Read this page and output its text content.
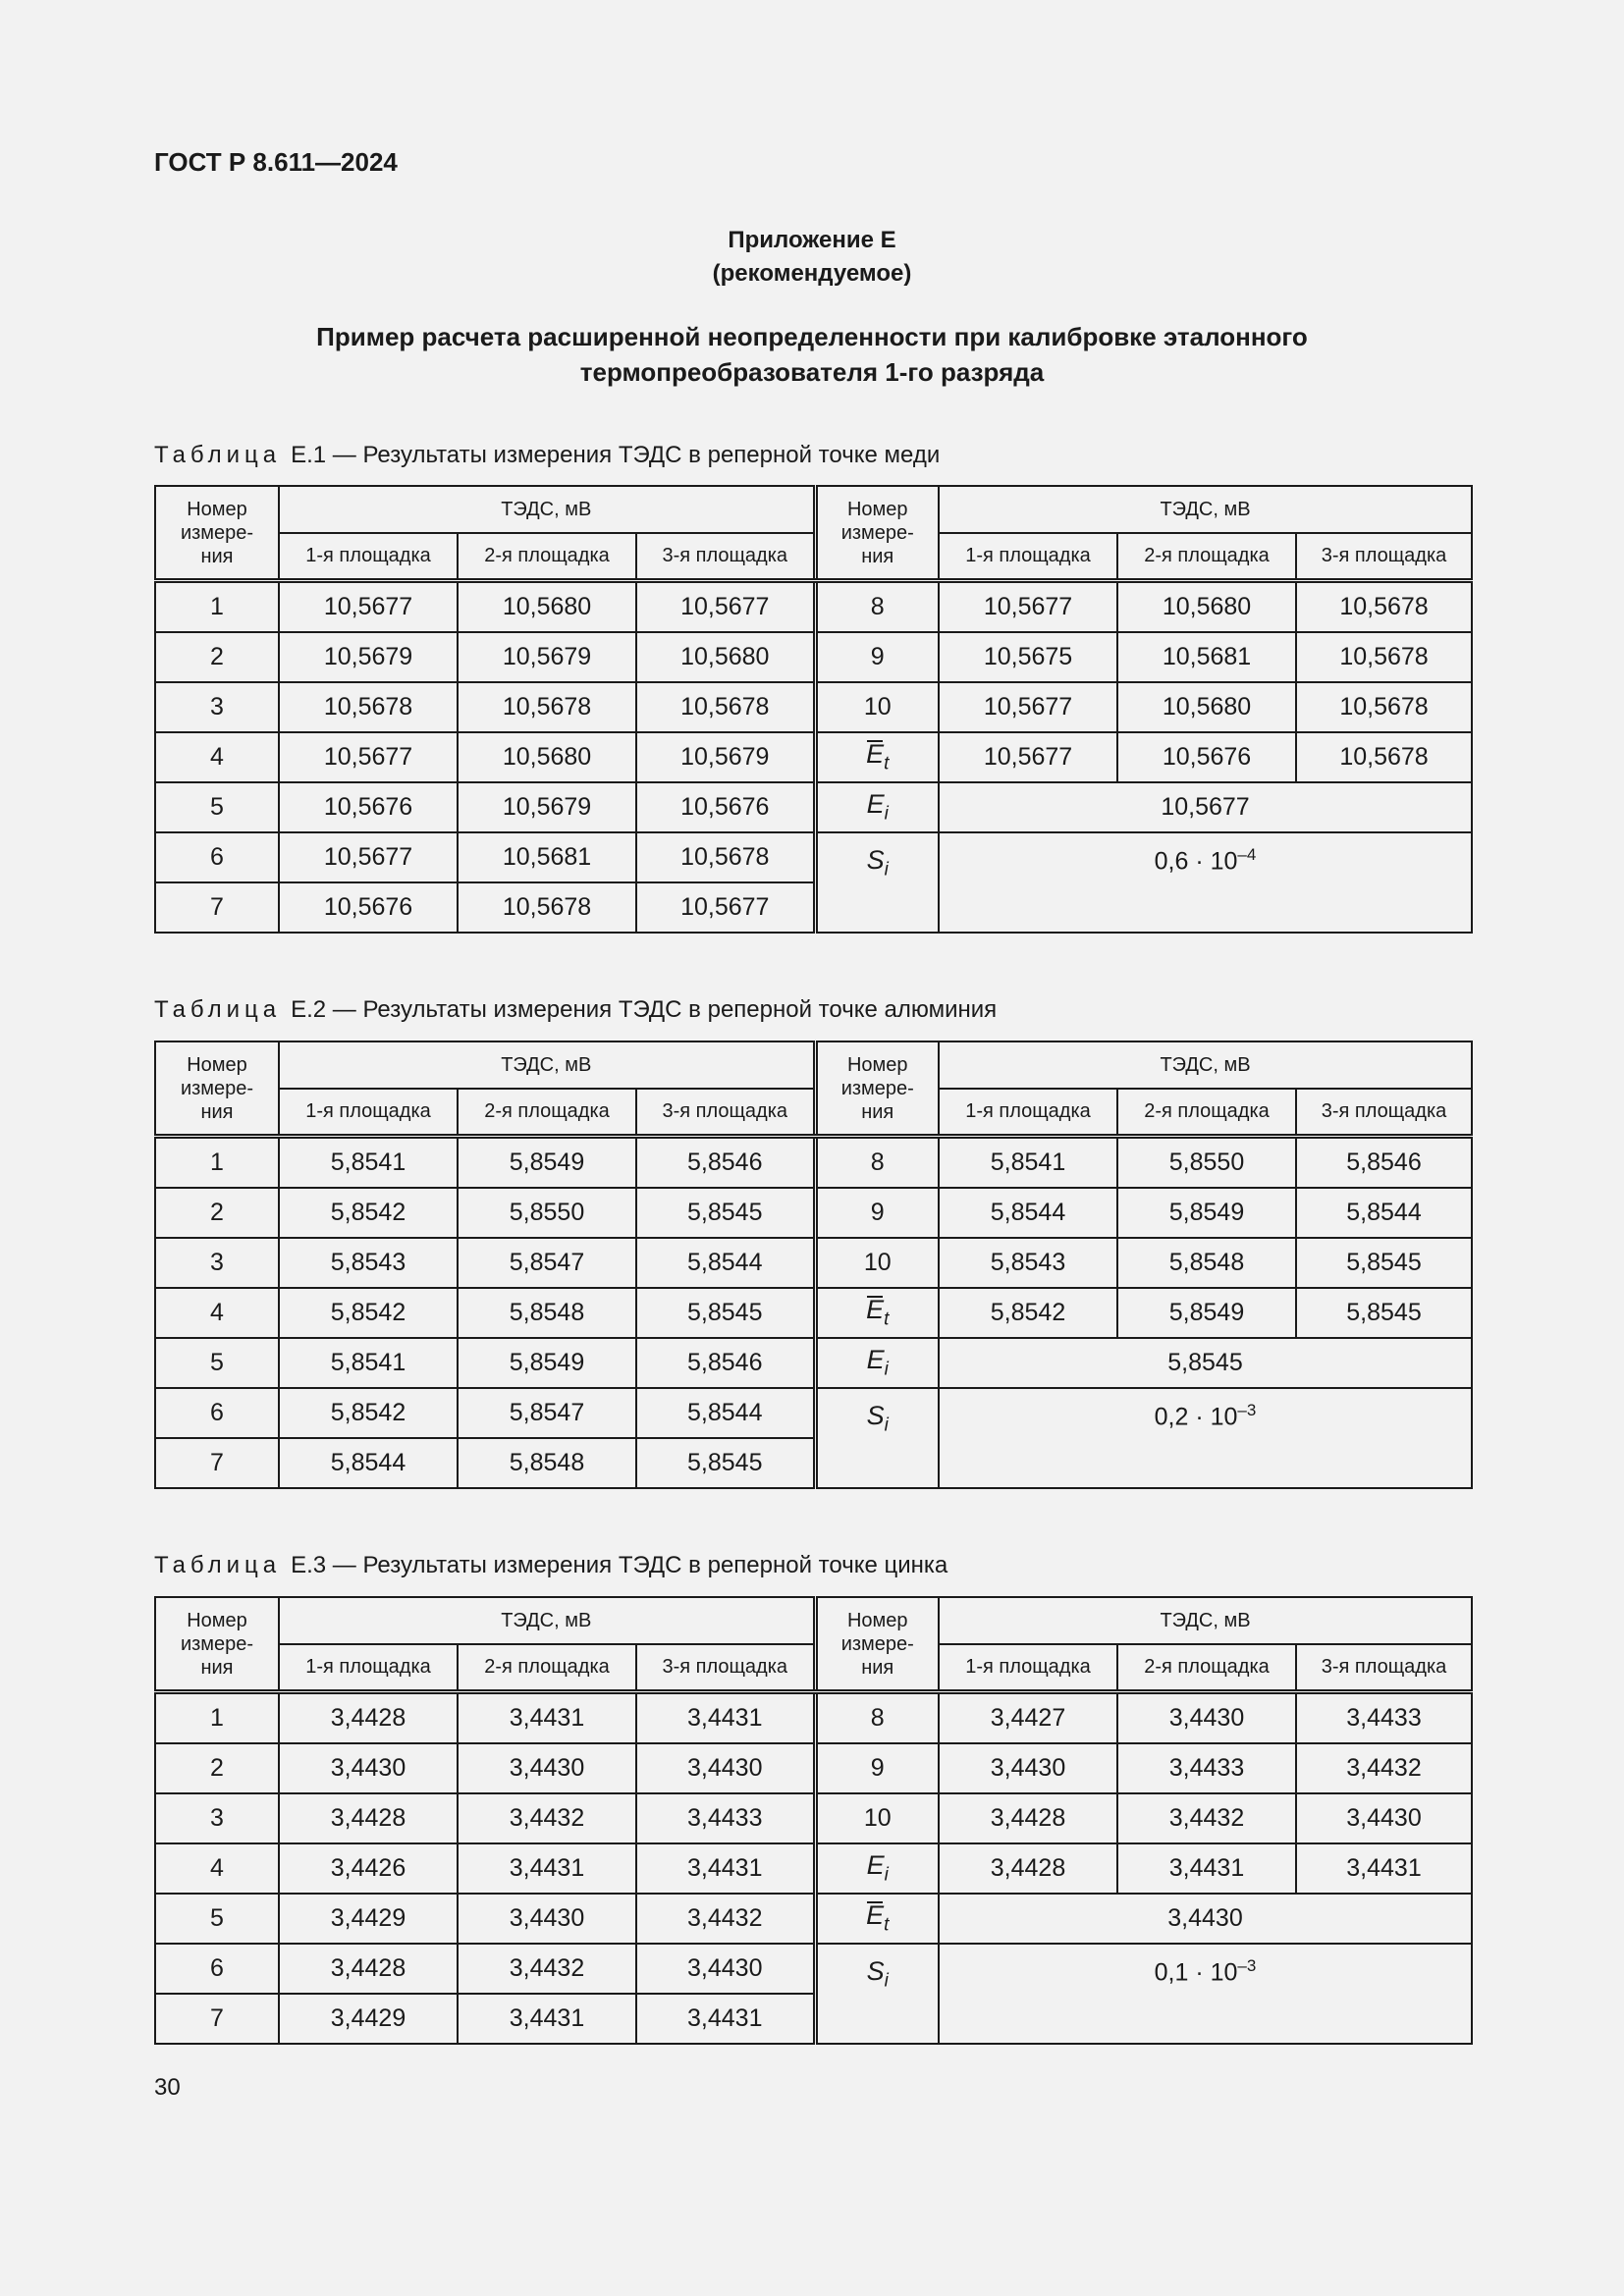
ГОСТ Р 8.611—2024
Приложение Е
(рекомендуемое)
Пример расчета расширенной неопределенности при калибровке эталонного
термопреобразователя 1-го разряда
Таблица Е.1 — Результаты измерения ТЭДС в реперной точке меди
Номер
измере-
ния	ТЭДС, мВ			Номер
измере-
ния	ТЭДС, мВ		
	1-я площадка	2-я площадка	3-я площадка		1-я площадка	2-я площадка	3-я площадка
1	10,5677	10,5680	10,5677	8	10,5677	10,5680	10,5678
2	10,5679	10,5679	10,5680	9	10,5675	10,5681	10,5678
3	10,5678	10,5678	10,5678	10	10,5677	10,5680	10,5678
4	10,5677	10,5680	10,5679	$E_t$	10,5677	10,5676	10,5678
5	10,5676	10,5679	10,5676	$E_i$	10,5677		
6	10,5677	10,5681	10,5678	$S_i$	$0,6 \cdot 10^{-4}$
7	10,5676	10,5678	10,5677				
Таблица Е.2 — Результаты измерения ТЭДС в реперной точке алюминия
Номер
измере-
ния	ТЭДС, мВ			Номер
измере-
ния	ТЭДС, мВ		
	1-я площадка	2-я площадка	3-я площадка		1-я площадка	2-я площадка	3-я площадка
1	5,8541	5,8549	5,8546	8	5,8541	5,8550	5,8546
2	5,8542	5,8550	5,8545	9	5,8544	5,8549	5,8544
3	5,8543	5,8547	5,8544	10	5,8543	5,8548	5,8545
4	5,8542	5,8548	5,8545	$E_t$	5,8542	5,8549	5,8545
5	5,8541	5,8549	5,8546	$E_i$	5,8545		
6	5,8542	5,8547	5,8544	$S_i$	$0,2 \cdot 10^{-3}$
7	5,8544	5,8548	5,8545				
Таблица Е.3 — Результаты измерения ТЭДС в реперной точке цинка
Номер
измере-
ния	ТЭДС, мВ			Номер
измере-
ния	ТЭДС, мВ		
	1-я площадка	2-я площадка	3-я площадка		1-я площадка	2-я площадка	3-я площадка
1	3,4428	3,4431	3,4431	8	3,4427	3,4430	3,4433
2	3,4430	3,4430	3,4430	9	3,4430	3,4433	3,4432
3	3,4428	3,4432	3,4433	10	3,4428	3,4432	3,4430
4	3,4426	3,4431	3,4431	$E_i$	3,4428	3,4431	3,4431
5	3,4429	3,4430	3,4432	$E_t$	3,4430		
6	3,4428	3,4432	3,4430	$S_i$	$0,1 \cdot 10^{-3}$
7	3,4429	3,4431	3,4431				
30
